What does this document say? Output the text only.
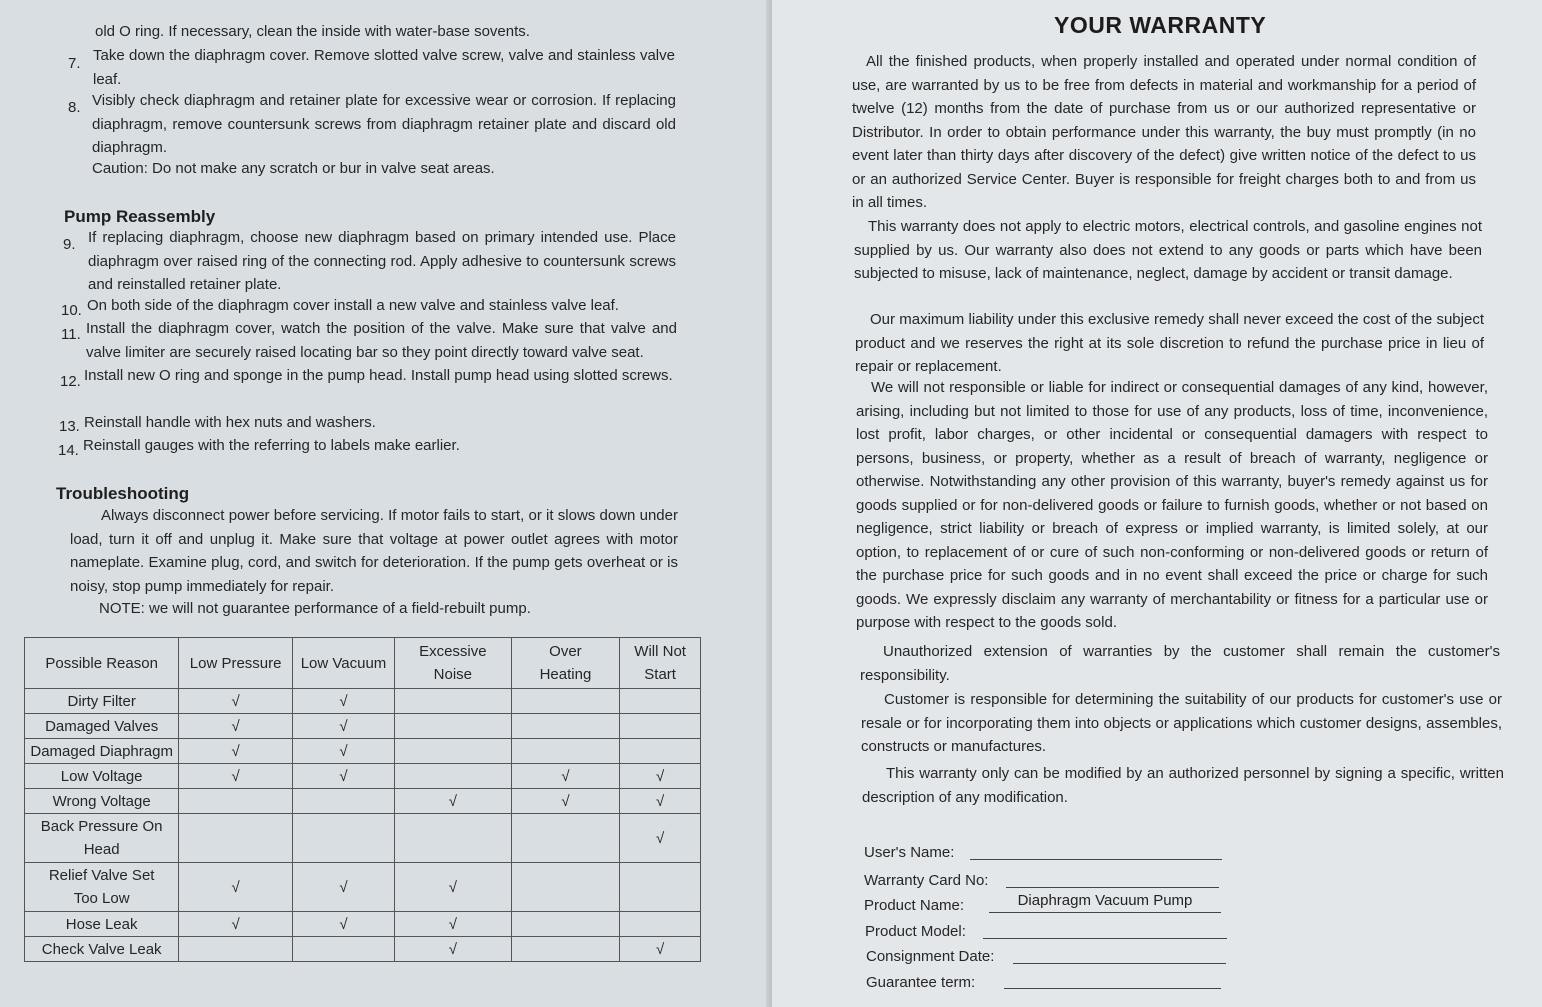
old O ring. If necessary, clean the inside with water-base sovents.
7. Take down the diaphragm cover. Remove slotted valve screw, valve and stainless valve leaf.
8. Visibly check diaphragm and retainer plate for excessive wear or corrosion. If replacing diaphragm, remove countersunk screws from diaphragm retainer plate and discard old diaphragm.
Caution: Do not make any scratch or bur in valve seat areas.
Pump Reassembly
9. If replacing diaphragm, choose new diaphragm based on primary intended use. Place diaphragm over raised ring of the connecting rod. Apply adhesive to countersunk screws and reinstalled retainer plate.
10. On both side of the diaphragm cover install a new valve and stainless valve leaf.
11. Install the diaphragm cover, watch the position of the valve. Make sure that valve and valve limiter are securely raised locating bar so they point directly toward valve seat.
12. Install new O ring and sponge in the pump head. Install pump head using slotted screws.
13. Reinstall handle with hex nuts and washers.
14. Reinstall gauges with the referring to labels make earlier.
Troubleshooting
Always disconnect power before servicing. If motor fails to start, or it slows down under load, turn it off and unplug it. Make sure that voltage at power outlet agrees with motor nameplate. Examine plug, cord, and switch for deterioration. If the pump gets overheat or is noisy, stop pump immediately for repair.
NOTE: we will not guarantee performance of a field-rebuilt pump.
Possible Reason	Low Pressure	Low Vacuum	Excessive Noise	Over Heating	Will Not Start
Dirty Filter	√	√			
Damaged Valves	√	√			
Damaged Diaphragm	√	√			
Low Voltage	√	√		√	√
Wrong Voltage			√	√	√
Back Pressure On Head					√
Relief Valve Set Too Low	√	√	√		
Hose Leak	√	√	√		
Check Valve Leak			√		√
YOUR WARRANTY
All the finished products, when properly installed and operated under normal condition of use, are warranted by us to be free from defects in material and workmanship for a period of twelve (12) months from the date of purchase from us or our authorized representative or Distributor. In order to obtain performance under this warranty, the buy must promptly (in no event later than thirty days after discovery of the defect) give written notice of the defect to us or an authorized Service Center. Buyer is responsible for freight charges both to and from us in all times.
This warranty does not apply to electric motors, electrical controls, and gasoline engines not supplied by us. Our warranty also does not extend to any goods or parts which have been subjected to misuse, lack of maintenance, neglect, damage by accident or transit damage.
Our maximum liability under this exclusive remedy shall never exceed the cost of the subject product and we reserves the right at its sole discretion to refund the purchase price in lieu of repair or replacement.
We will not responsible or liable for indirect or consequential damages of any kind, however, arising, including but not limited to those for use of any products, loss of time, inconvenience, lost profit, labor charges, or other incidental or consequential damagers with respect to persons, business, or property, whether as a result of breach of warranty, negligence or otherwise. Notwithstanding any other provision of this warranty, buyer's remedy against us for goods supplied or for non-delivered goods or failure to furnish goods, whether or not based on negligence, strict liability or breach of express or implied warranty, is limited solely, at our option, to replacement of or cure of such non-conforming or non-delivered goods or return of the purchase price for such goods and in no event shall exceed the price or charge for such goods. We expressly disclaim any warranty of merchantability or fitness for a particular use or purpose with respect to the goods sold.
Unauthorized extension of warranties by the customer shall remain the customer's responsibility.
Customer is responsible for determining the suitability of our products for customer's use or resale or for incorporating them into objects or applications which customer designs, assembles, constructs or manufactures.
This warranty only can be modified by an authorized personnel by signing a specific, written description of any modification.
User's Name:
Warranty Card No:
Product Name:	Diaphragm Vacuum Pump
Product Model:
Consignment Date:
Guarantee term:
